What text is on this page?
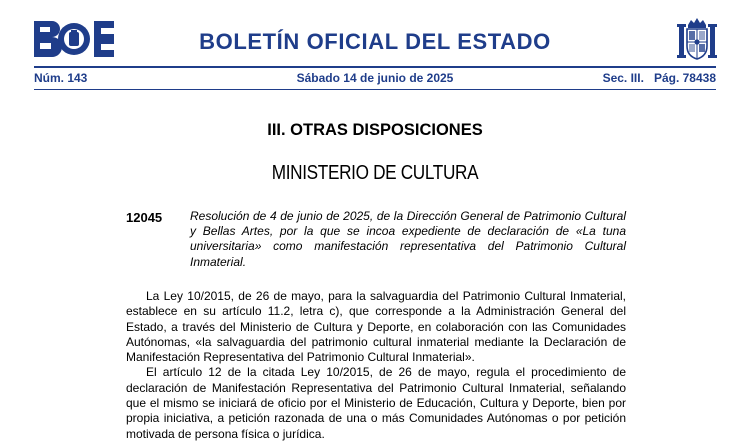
BOLETÍN OFICIAL DEL ESTADO
Núm. 143	Sábado 14 de junio de 2025	Sec. III. Pág. 78438
III. OTRAS DISPOSICIONES
MINISTERIO DE CULTURA
12045 Resolución de 4 de junio de 2025, de la Dirección General de Patrimonio Cultural y Bellas Artes, por la que se incoa expediente de declaración de «La tuna universitaria» como manifestación representativa del Patrimonio Cultural Inmaterial.

La Ley 10/2015, de 26 de mayo, para la salvaguardia del Patrimonio Cultural Inmaterial, establece en su artículo 11.2, letra c), que corresponde a la Administración General del Estado, a través del Ministerio de Cultura y Deporte, en colaboración con las Comunidades Autónomas, «la salvaguardia del patrimonio cultural inmaterial mediante la Declaración de Manifestación Representativa del Patrimonio Cultural Inmaterial».

El artículo 12 de la citada Ley 10/2015, de 26 de mayo, regula el procedimiento de declaración de Manifestación Representativa del Patrimonio Cultural Inmaterial, señalando que el mismo se iniciará de oficio por el Ministerio de Educación, Cultura y Deporte, bien por propia iniciativa, a petición razonada de una o más Comunidades Autónomas o por petición motivada de persona física o jurídica.
